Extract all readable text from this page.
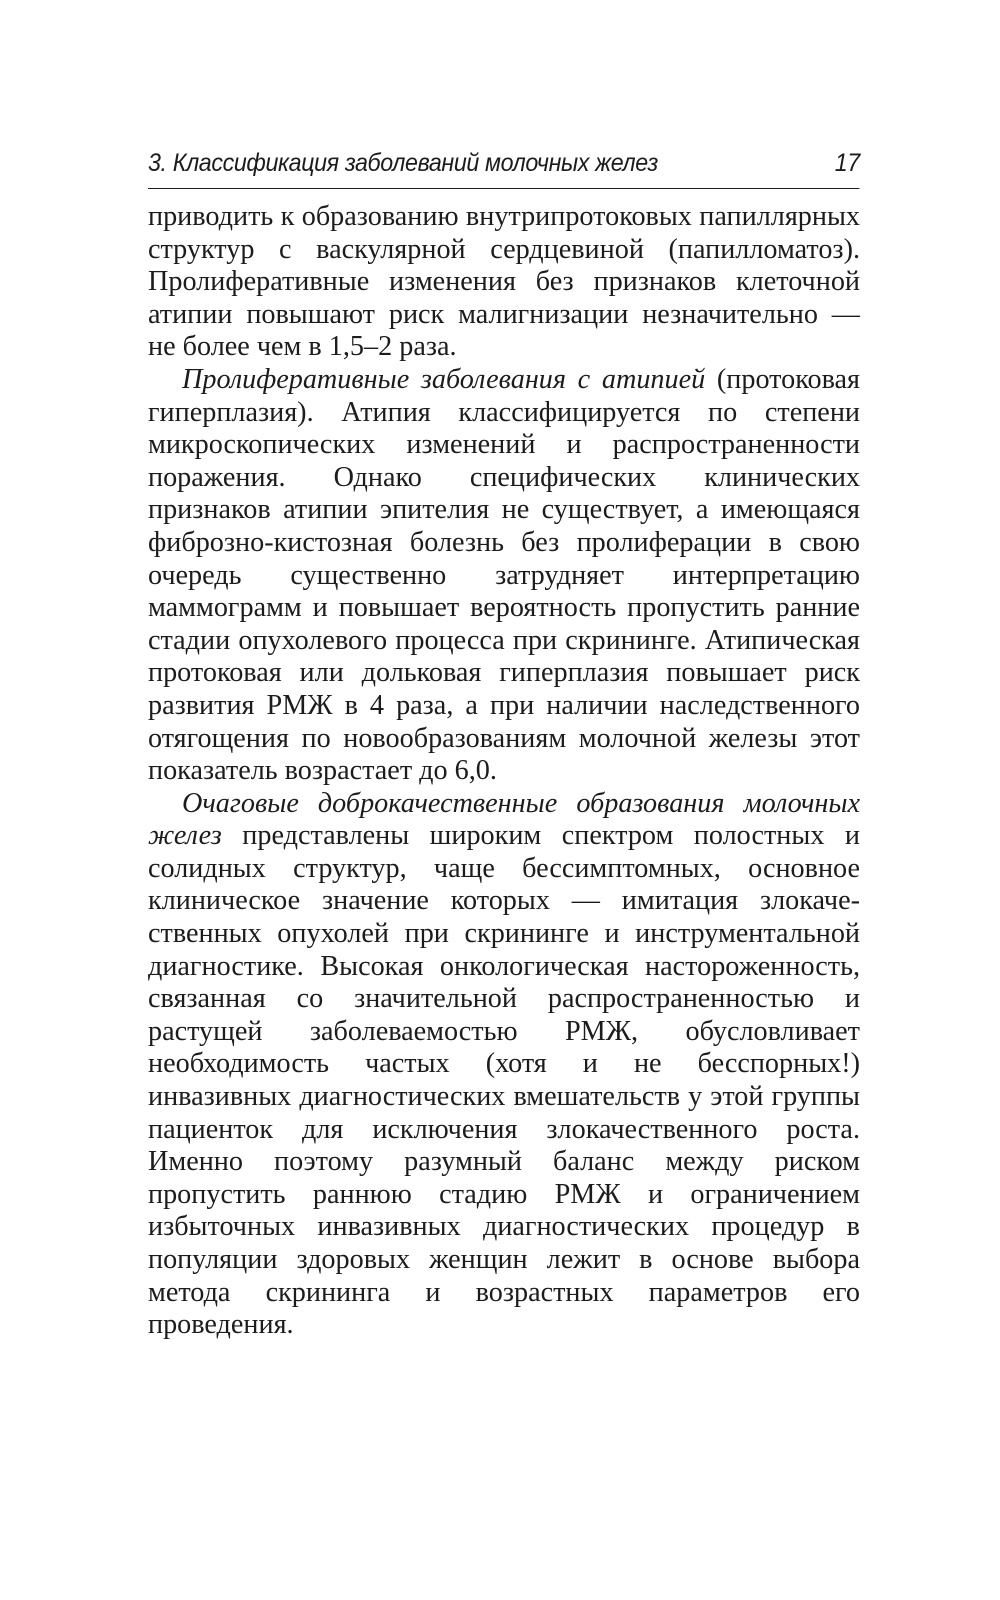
3. Классификация заболеваний молочных желез	17

приводить к образованию внутрипротоковых папиллярных структур с васкулярной сердцевиной (папилломатоз). Пролиферативные изменения без признаков клеточной атипии повышают риск малигнизации незначительно — не более чем в 1,5–2 раза.

Пролиферативные заболевания с атипией (протоковая гиперплазия). Атипия классифицируется по степени микроскопических изменений и распространенности поражения. Однако специфических клинических признаков атипии эпителия не существует, а имеющаяся фиброзно-кистозная болезнь без пролиферации в свою очередь существенно затрудняет интерпретацию маммограмм и повышает вероятность пропустить ранние стадии опухолевого процесса при скрининге. Атипическая протоковая или дольковая гиперплазия повышает риск развития РМЖ в 4 раза, а при наличии наследственного отягощения по новообразованиям молочной железы этот показатель возрастает до 6,0.

Очаговые доброкачественные образования молочных желез представлены широким спектром полостных и солидных структур, чаще бессимптомных, основное клиническое значение которых — имитация злокачественных опухолей при скрининге и инструментальной диагностике. Высокая онкологическая настороженность, связанная со значительной распространенностью и растущей заболеваемостью РМЖ, обусловливает необходимость частых (хотя и не бесспорных!) инвазивных диагностических вмешательств у этой группы пациенток для исключения злокачественного роста. Именно поэтому разумный баланс между риском пропустить раннюю стадию РМЖ и ограничением избыточных инвазивных диагностических процедур в популяции здоровых женщин лежит в основе выбора метода скрининга и возрастных параметров его проведения.
